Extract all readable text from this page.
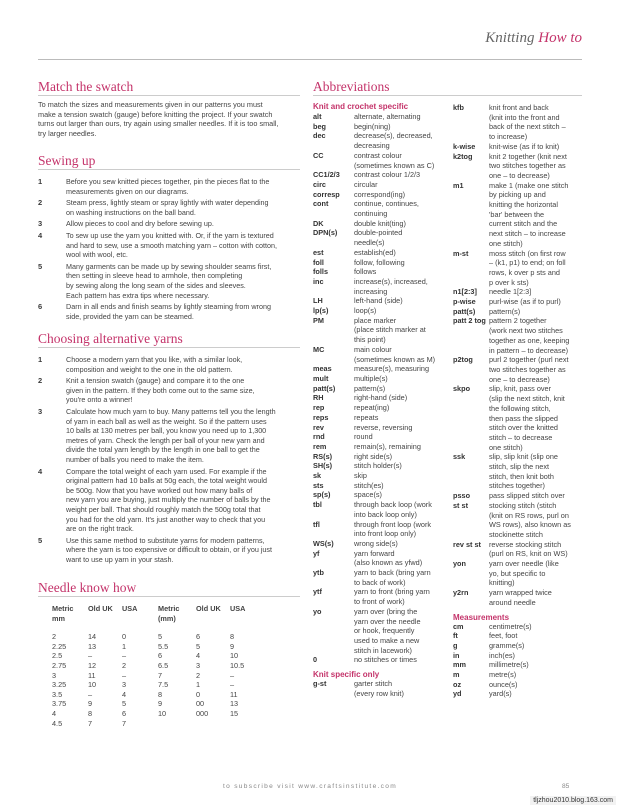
Knitting How to
Match the swatch
To match the sizes and measurements given in our patterns you must
make a tension swatch (gauge) before knitting the project. If your swatch
turns out larger than ours, try again using smaller needles. If it is too small,
try larger needles.
Sewing up
1	Before you sew knitted pieces together, pin the pieces flat to the
measurements given on our diagrams.
2	Steam press, lightly steam or spray lightly with water depending
on washing instructions on the ball band.
3	Allow pieces to cool and dry before sewing up.
4	To sew up use the yarn you knitted with. Or, if the yarn is textured
and hard to sew, use a smooth matching yarn – cotton with cotton,
wool with wool, etc.
5	Many garments can be made up by sewing shoulder seams first,
then setting in sleeve head to armhole, then completing
by sewing along the long seam of the sides and sleeves.
Each pattern has extra tips where necessary.
6	Darn in all ends and finish seams by lightly steaming from wrong
side, provided the yarn can be steamed.
Choosing alternative yarns
1	Choose a modern yarn that you like, with a similar look,
composition and weight to the one in the old pattern.
2	Knit a tension swatch (gauge) and compare it to the one
given in the pattern. If they both come out to the same size,
you're onto a winner!
3	Calculate how much yarn to buy. Many patterns tell you the length
of yarn in each ball as well as the weight. So if the pattern uses
10 balls at 130 metres per ball, you know you need up to 1,300
metres of yarn. Check the length per ball of your new yarn and
divide the total yarn length by the length in one ball to get the
number of balls you need to make the item.
4	Compare the total weight of each yarn used. For example if the
original pattern had 10 balls at 50g each, the total weight would
be 500g. Now that you have worked out how many balls of
new yarn you are buying, just multiply the number of balls by the
weight per ball. That should roughly match the 500g total that
you had for the old yarn. It's just another way to check that you
are on the right track.
5	Use this same method to substitute yarns for modern patterns,
where the yarn is too expensive or difficult to obtain, or if you just
want to use up yarn in your stash.
Needle know how
Metric mm	Old UK	USA	Metric (mm)	Old UK	USA
2	14	0	5	6	8
2.25	13	1	5.5	5	9
2.5	–	–	6	4	10
2.75	12	2	6.5	3	10.5
3	11	–	7	2	–
3.25	10	3	7.5	1	–
3.5	–	4	8	0	11
3.75	9	5	9	00	13
4	8	6	10	000	15
4.5	7	7			
Abbreviations
Knit and crochet specific
alt	alternate, alternating
beg	begin(ning)
dec	decrease(s), decreased,
decreasing
CC	contrast colour
(sometimes known as C)
CC1/2/3	contrast colour 1/2/3
circ	circular
corresp	correspond(ing)
cont	continue, continues,
continuing
DK	double knit(ting)
DPN(s)	double-pointed
needle(s)
est	establish(ed)
foll	follow, following
folls	follows
inc	increase(s), increased,
increasing
LH	left-hand (side)
lp(s)	loop(s)
PM	place marker
(place stitch marker at
this point)
MC	main colour
(sometimes known as M)
meas	measure(s), measuring
mult	multiple(s)
patt(s)	pattern(s)
RH	right-hand (side)
rep	repeat(ing)
reps	repeats
rev	reverse, reversing
rnd	round
rem	remain(s), remaining
RS(s)	right side(s)
SH(s)	stitch holder(s)
sk	skip
sts	stitch(es)
sp(s)	space(s)
tbl	through back loop (work
into back loop only)
tfl	through front loop (work
into front loop only)
WS(s)	wrong side(s)
yf	yarn forward
(also known as yfwd)
ytb	yarn to back (bring yarn
to back of work)
ytf	yarn to front (bring yarn
to front of work)
yo	yarn over (bring the
yarn over the needle
or hook, frequently
used to make a new
stitch in lacework)
0	no stitches or times
Knit specific only
g-st	garter stitch
(every row knit)
kfb	knit front and back
(knit into the front and
back of the next stitch –
to increase)
k-wise	knit-wise (as if to knit)
k2tog	knit 2 together (knit next
two stitches together as
one – to decrease)
m1	make 1 (make one stitch
by picking up and
knitting the horizontal
'bar' between the
current stitch and the
next stitch – to increase
one stitch)
m-st	moss stitch (on first row
– (k1, p1) to end; on foll
rows, k over p sts and
p over k sts)
n1[2:3]	needle 1[2:3]
p-wise	purl-wise (as if to purl)
patt(s)	pattern(s)
patt 2 tog pattern 2 together
(work next two stitches
together as one, keeping
in pattern – to decrease)
p2tog	purl 2 together (purl next
two stitches together as
one – to decrease)
skpo	slip, knit, pass over
(slip the next stitch, knit
the following stitch,
then pass the slipped
stitch over the knitted
stitch – to decrease
one stitch)
ssk	slip, slip knit (slip one
stitch, slip the next
stitch, then knit both
stitches together)
psso	pass slipped stitch over
st st	stocking stitch (stitch
(knit on RS rows, purl on
WS rows), also known as
stockinette stitch
rev st st	reverse stocking stitch
(purl on RS, knit on WS)
yon	yarn over needle (like
yo, but specific to
knitting)
y2rn	yarn wrapped twice
around needle
Measurements
cm	centimetre(s)
ft	feet, foot
g	gramme(s)
in	inch(es)
mm	millimetre(s)
m	metre(s)
oz	ounce(s)
yd	yard(s)
to subscribe visit www.craftsinstitute.com	85
tljzhou2010.blog.163.com
